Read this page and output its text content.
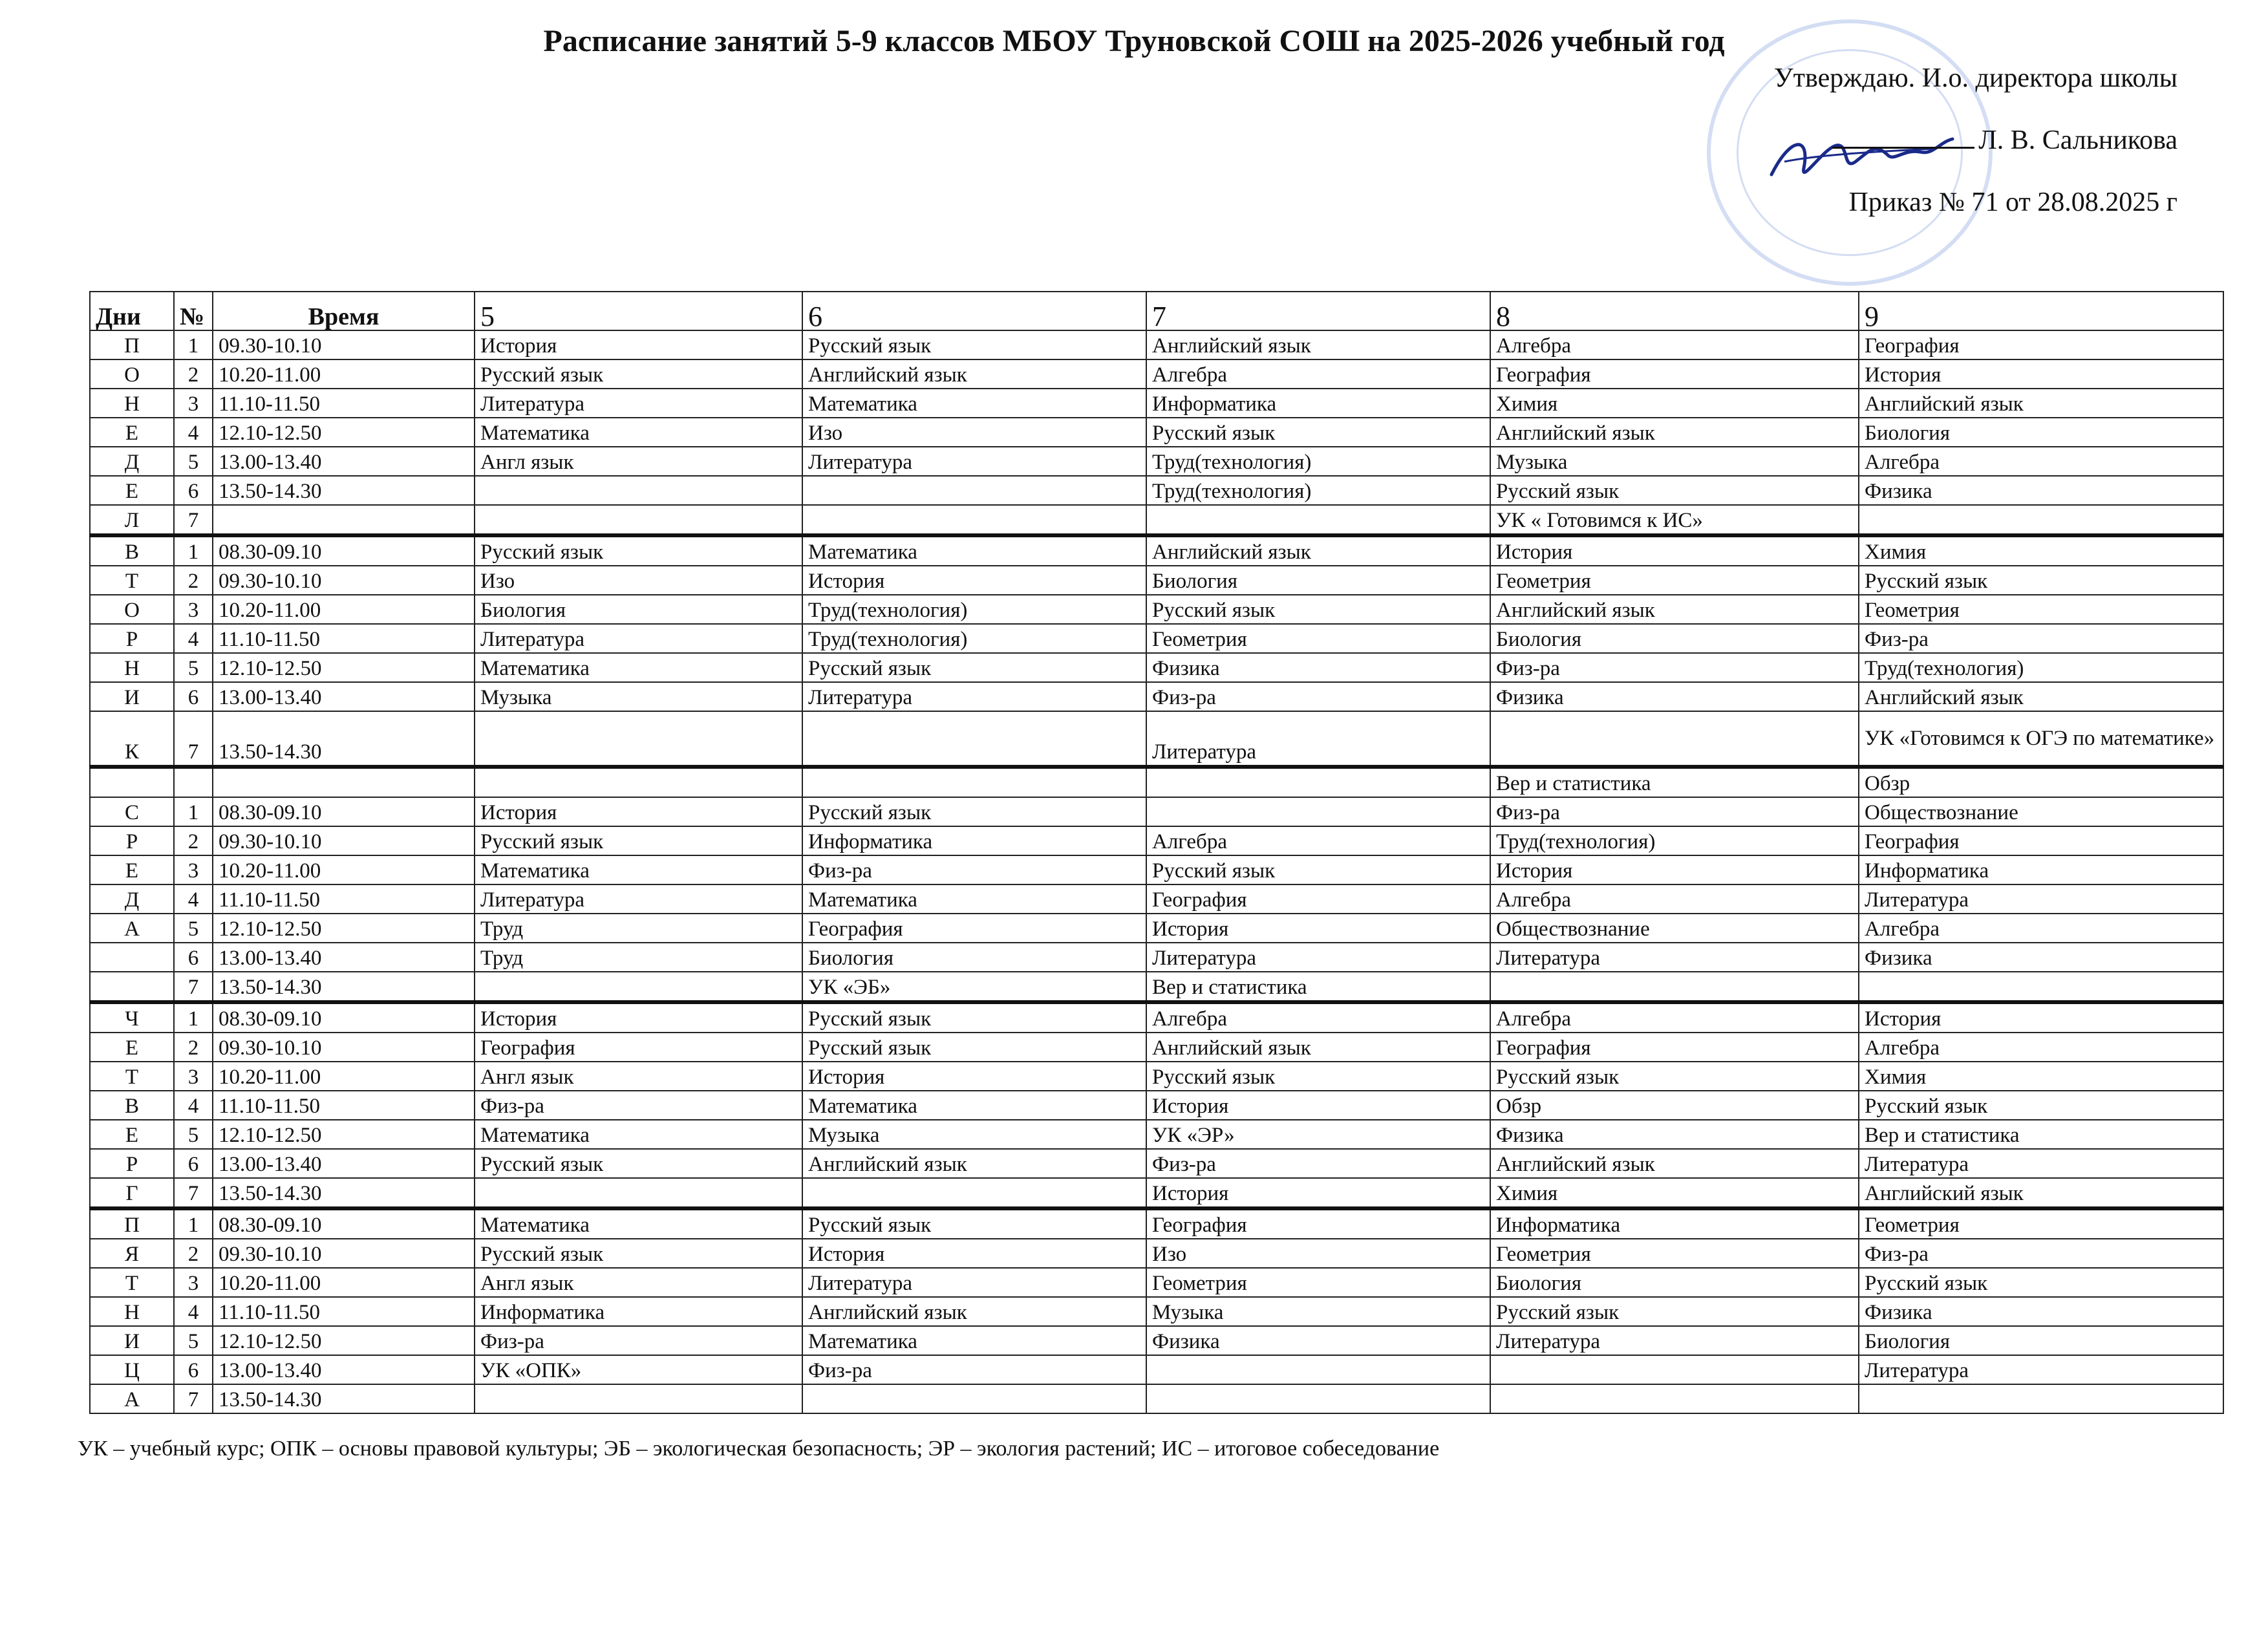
Расписание занятий 5-9 классов МБОУ Труновской СОШ на 2025-2026 учебный год
Утверждаю. И.о. директора школы
Л. В. Сальникова
Приказ № 71 от 28.08.2025 г
Дни	№	Время	5	6	7	8	9
П	1	09.30-10.10	История	Русский язык	Английский язык	Алгебра	География
О	2	10.20-11.00	Русский язык	Английский язык	Алгебра	География	История
Н	3	11.10-11.50	Литература	Математика	Информатика	Химия	Английский язык
Е	4	12.10-12.50	Математика	Изо	Русский язык	Английский язык	Биология
Д	5	13.00-13.40	Англ язык	Литература	Труд(технология)	Музыка	Алгебра
Е	6	13.50-14.30			Труд(технология)	Русский язык	Физика
Л	7					УК « Готовимся к ИС»	
В	1	08.30-09.10	Русский язык	Математика	Английский язык	История	Химия
Т	2	09.30-10.10	Изо	История	Биология	Геометрия	Русский язык
О	3	10.20-11.00	Биология	Труд(технология)	Русский язык	Английский язык	Геометрия
Р	4	11.10-11.50	Литература	Труд(технология)	Геометрия	Биология	Физ-ра
Н	5	12.10-12.50	Математика	Русский язык	Физика	Физ-ра	Труд(технология)
И	6	13.00-13.40	Музыка	Литература	Физ-ра	Физика	Английский язык
К	7	13.50-14.30			Литература		УК «Готовимся к ОГЭ по математике»
						Вер и статистика	Обзр
С	1	08.30-09.10	История	Русский язык		Физ-ра	Обществознание
Р	2	09.30-10.10	Русский язык	Информатика	Алгебра	Труд(технология)	География
Е	3	10.20-11.00	Математика	Физ-ра	Русский язык	История	Информатика
Д	4	11.10-11.50	Литература	Математика	География	Алгебра	Литература
А	5	12.10-12.50	Труд	География	История	Обществознание	Алгебра
	6	13.00-13.40	Труд	Биология	Литература	Литература	Физика
	7	13.50-14.30		УК «ЭБ»	Вер и статистика		
Ч	1	08.30-09.10	История	Русский язык	Алгебра	Алгебра	История
Е	2	09.30-10.10	География	Русский язык	Английский язык	География	Алгебра
Т	3	10.20-11.00	Англ язык	История	Русский язык	Русский язык	Химия
В	4	11.10-11.50	Физ-ра	Математика	История	Обзр	Русский язык
Е	5	12.10-12.50	Математика	Музыка	УК «ЭР»	Физика	Вер и статистика
Р	6	13.00-13.40	Русский язык	Английский язык	Физ-ра	Английский язык	Литература
Г	7	13.50-14.30			История	Химия	Английский язык
П	1	08.30-09.10	Математика	Русский язык	География	Информатика	Геометрия
Я	2	09.30-10.10	Русский язык	История	Изо	Геометрия	Физ-ра
Т	3	10.20-11.00	Англ язык	Литература	Геометрия	Биология	Русский язык
Н	4	11.10-11.50	Информатика	Английский язык	Музыка	Русский язык	Физика
И	5	12.10-12.50	Физ-ра	Математика	Физика	Литература	Биология
Ц	6	13.00-13.40	УК «ОПК»	Физ-ра			Литература
А	7	13.50-14.30					
УК – учебный курс; ОПК – основы правовой культуры; ЭБ – экологическая безопасность; ЭР – экология растений; ИС – итоговое собеседование
